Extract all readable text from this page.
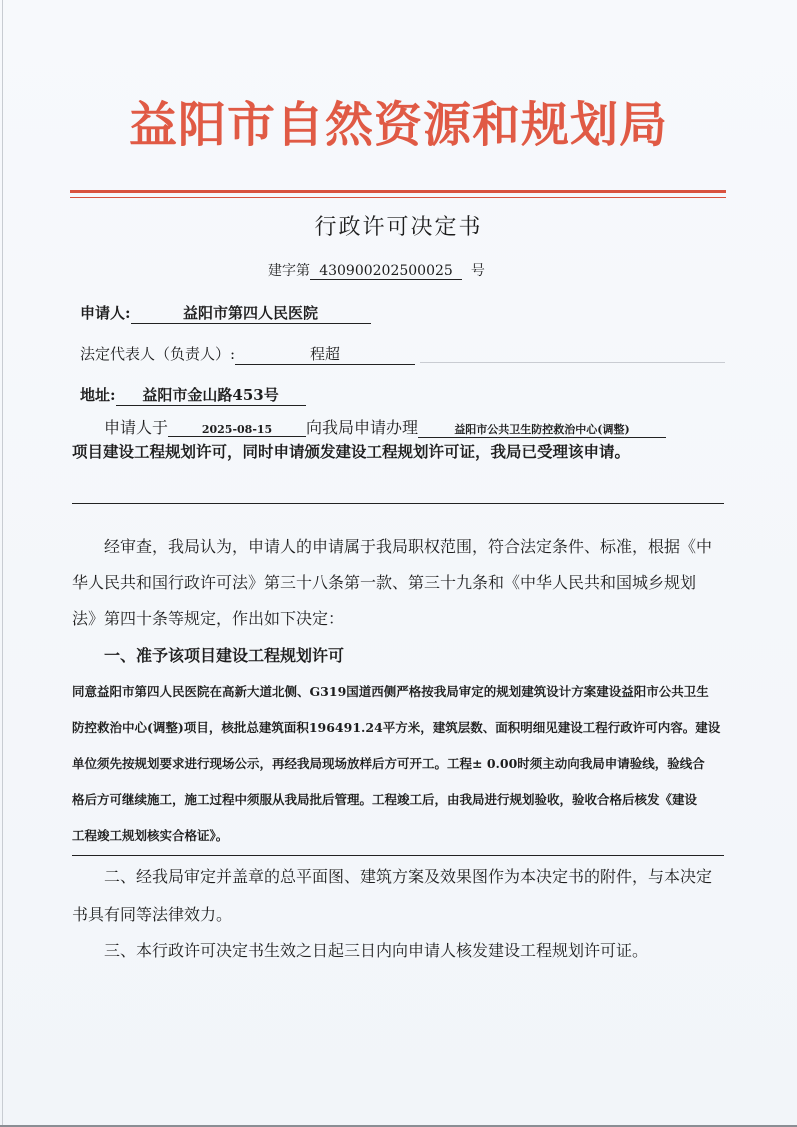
益阳市自然资源和规划局
行政许可决定书
建字第 430900202500025 号
申请人:	益阳市第四人民医院
法定代表人（负责人）:	程超
地址: 益阳市金山路453号
申请人于	2025-08-15 向我局申请办理	益阳市公共卫生防控救治中心(调整)
项目建设工程规划许可，同时申请颁发建设工程规划许可证，我局已受理该申请。
经审查，我局认为，申请人的申请属于我局职权范围，符合法定条件、标准，根据《中
华人民共和国行政许可法》第三十八条第一款、第三十九条和《中华人民共和国城乡规划
法》第四十条等规定，作出如下决定：
一、准予该项目建设工程规划许可
同意益阳市第四人民医院在高新大道北侧、G319国道西侧严格按我局审定的规划建筑设计方案建设益阳市公共卫生
防控救治中心(调整)项目，核批总建筑面积196491.24平方米，建筑层数、面积明细见建设工程行政许可内容。建设
单位须先按规划要求进行现场公示，再经我局现场放样后方可开工。工程± 0.00时须主动向我局申请验线，验线合
格后方可继续施工，施工过程中须服从我局批后管理。工程竣工后，由我局进行规划验收，验收合格后核发《建设
工程竣工规划核实合格证》。
二、经我局审定并盖章的总平面图、建筑方案及效果图作为本决定书的附件，与本决定
书具有同等法律效力。
三、本行政许可决定书生效之日起三日内向申请人核发建设工程规划许可证。
